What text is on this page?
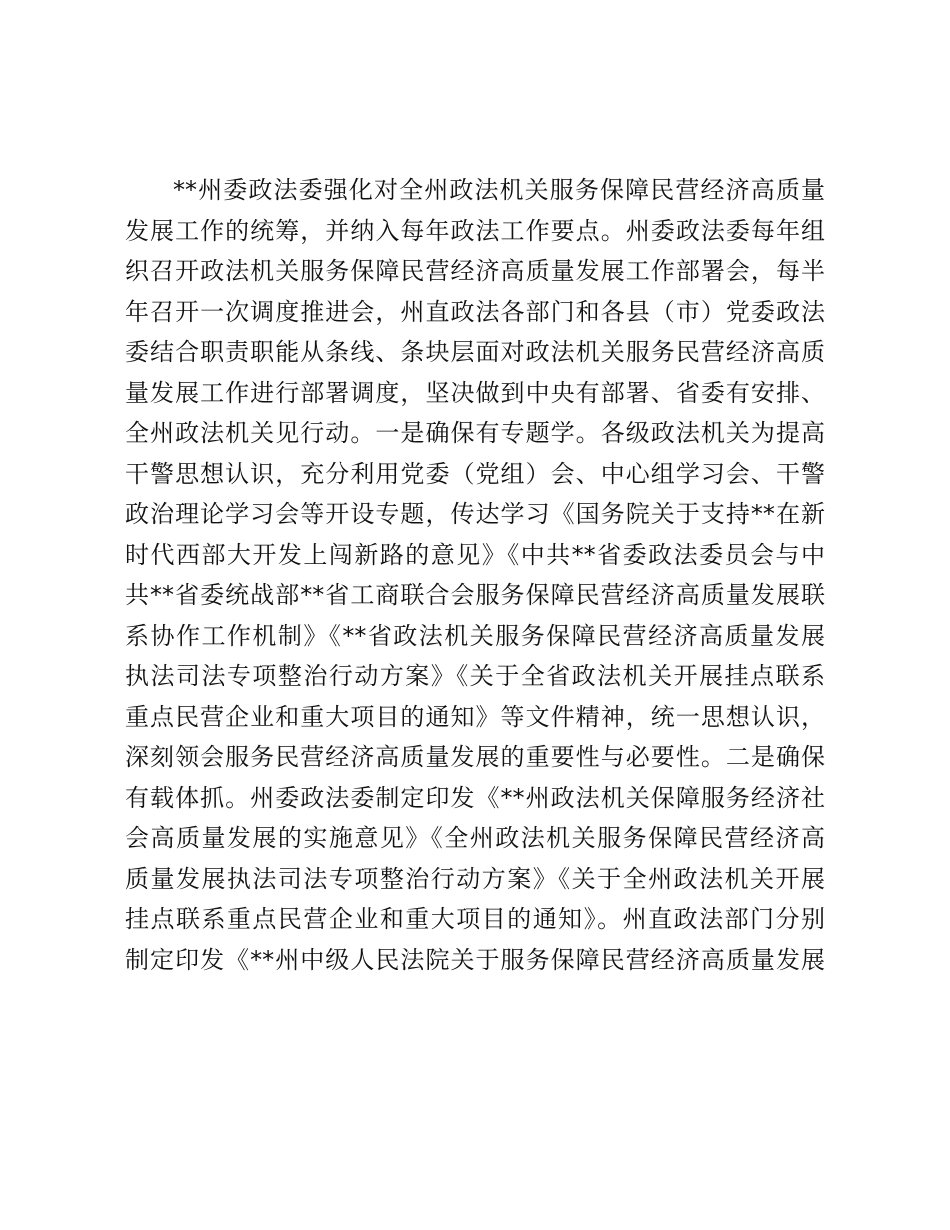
**州委政法委强化对全州政法机关服务保障民营经济高质量
发展工作的统筹，并纳入每年政法工作要点。州委政法委每年组
织召开政法机关服务保障民营经济高质量发展工作部署会，每半
年召开一次调度推进会，州直政法各部门和各县（市）党委政法
委结合职责职能从条线、条块层面对政法机关服务民营经济高质
量发展工作进行部署调度，坚决做到中央有部署、省委有安排、
全州政法机关见行动。一是确保有专题学。各级政法机关为提高
干警思想认识，充分利用党委（党组）会、中心组学习会、干警
政治理论学习会等开设专题，传达学习《国务院关于支持**在新
时代西部大开发上闯新路的意见》《中共**省委政法委员会与中
共**省委统战部**省工商联合会服务保障民营经济高质量发展联
系协作工作机制》《**省政法机关服务保障民营经济高质量发展
执法司法专项整治行动方案》《关于全省政法机关开展挂点联系
重点民营企业和重大项目的通知》等文件精神，统一思想认识，
深刻领会服务民营经济高质量发展的重要性与必要性。二是确保
有载体抓。州委政法委制定印发《**州政法机关保障服务经济社
会高质量发展的实施意见》《全州政法机关服务保障民营经济高
质量发展执法司法专项整治行动方案》《关于全州政法机关开展
挂点联系重点民营企业和重大项目的通知》。州直政法部门分别
制定印发《**州中级人民法院关于服务保障民营经济高质量发展
